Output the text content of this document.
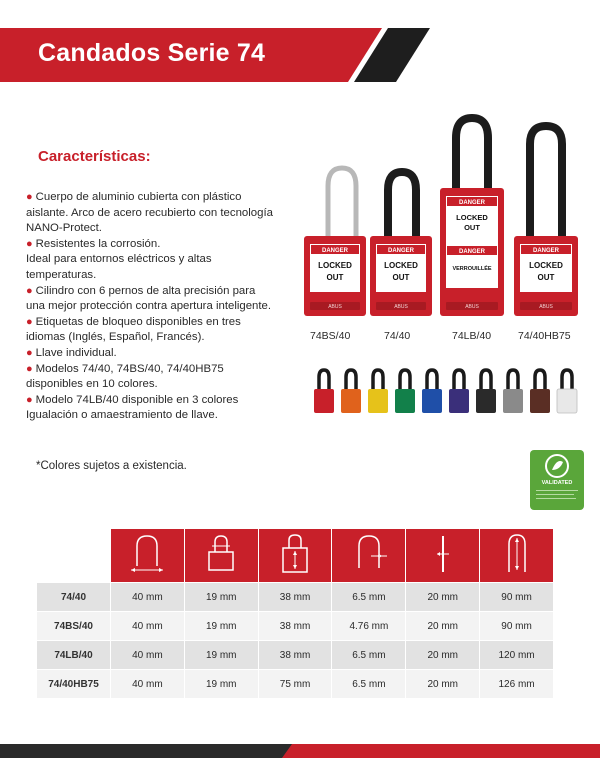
Candados Serie 74
Características:
● Cuerpo de aluminio cubierta con plástico aislante. Arco de acero recubierto con tecnología NANO-Protect.
● Resistentes la corrosión.
Ideal para entornos eléctricos y altas temperaturas.
● Cilindro con 6 pernos de alta precisión para una mejor protección contra apertura inteligente.
● Etiquetas de bloqueo disponibles en tres idiomas (Inglés, Español, Francés).
● Llave individual.
● Modelos 74/40, 74BS/40, 74/40HB75 disponibles en 10 colores.
● Modelo 74LB/40 disponible en 3 colores Igualación o amaestramiento de llave.
*Colores sujetos a existencia.
DANGER
LOCKED
OUT
ABUS
DANGER
LOCKED
OUT
ABUS
DANGER
LOCKED
OUT
DANGER
VERROUILLÉE
ABUS
DANGER
LOCKED
OUT
ABUS
74BS/40	74/40	74LB/40	74/40HB75
VALIDATED

74/40	40 mm	19 mm	38 mm	6.5 mm	20 mm	90 mm
74BS/40	40 mm	19 mm	38 mm	4.76 mm	20 mm	90 mm
74LB/40	40 mm	19 mm	38 mm	6.5 mm	20 mm	120 mm
74/40HB75	40 mm	19 mm	75 mm	6.5 mm	20 mm	126 mm
